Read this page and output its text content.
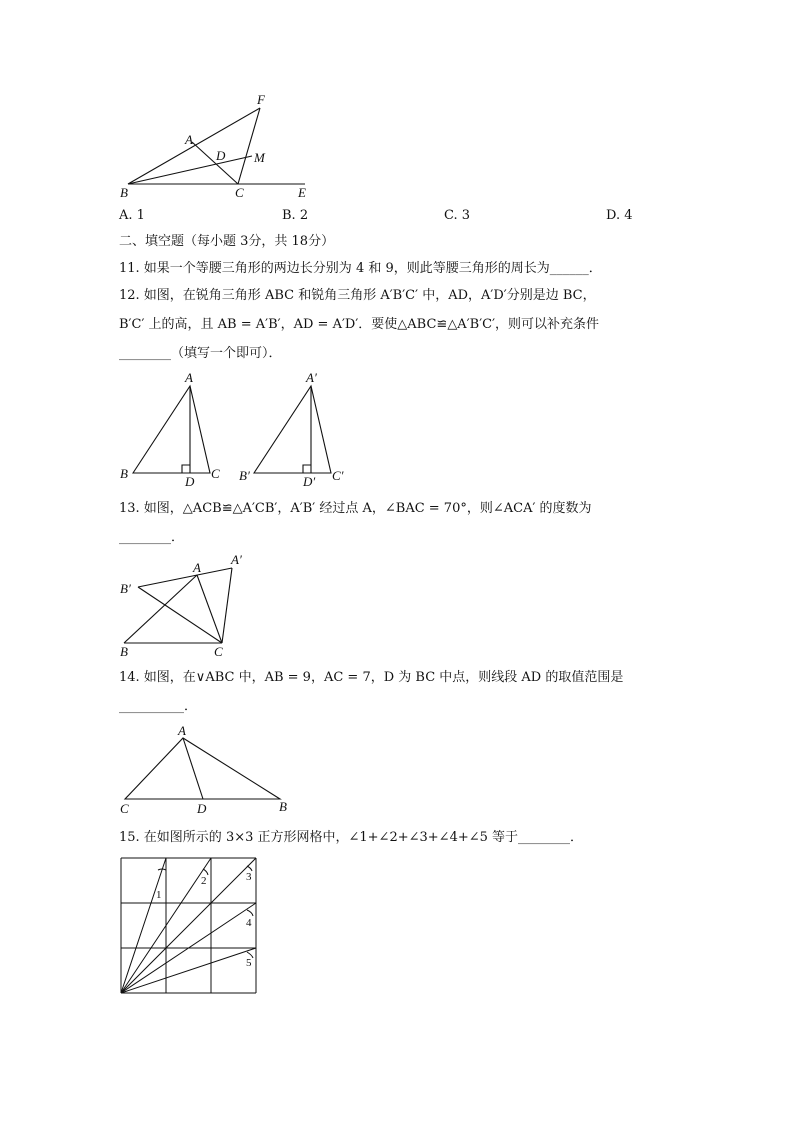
F
A
D M
B	C	E
A. 1	B. 2	C. 3	D. 4
二、填空题（每小题 3分，共 18分）
11. 如果一个等腰三角形的两边长分别为 4 和 9，则此等腰三角形的周长为______．
12. 如图，在锐角三角形 ABC 和锐角三角形 A′B′C′ 中，AD，A′D′分别是边 BC，
B′C′ 上的高，且 AB = A′B′，AD = A′D′．要使△ABC≌△A′B′C′，则可以补充条件
________（填写一个即可）．
A
B
D
C
A′
B′	D′ C′
13. 如图，△ACB≌△A′CB′，A′B′ 经过点 A，∠BAC = 70°，则∠ACA′ 的度数为
________．
A
A′
B′
B	C
14. 如图，在∨ABC 中，AB = 9，AC = 7，D 为 BC 中点，则线段 AD 的取值范围是
__________．
A
C	D	B
15. 在如图所示的 3×3 正方形网格中，∠1+∠2+∠3+∠4+∠5 等于________．
1
2	3
4
5
